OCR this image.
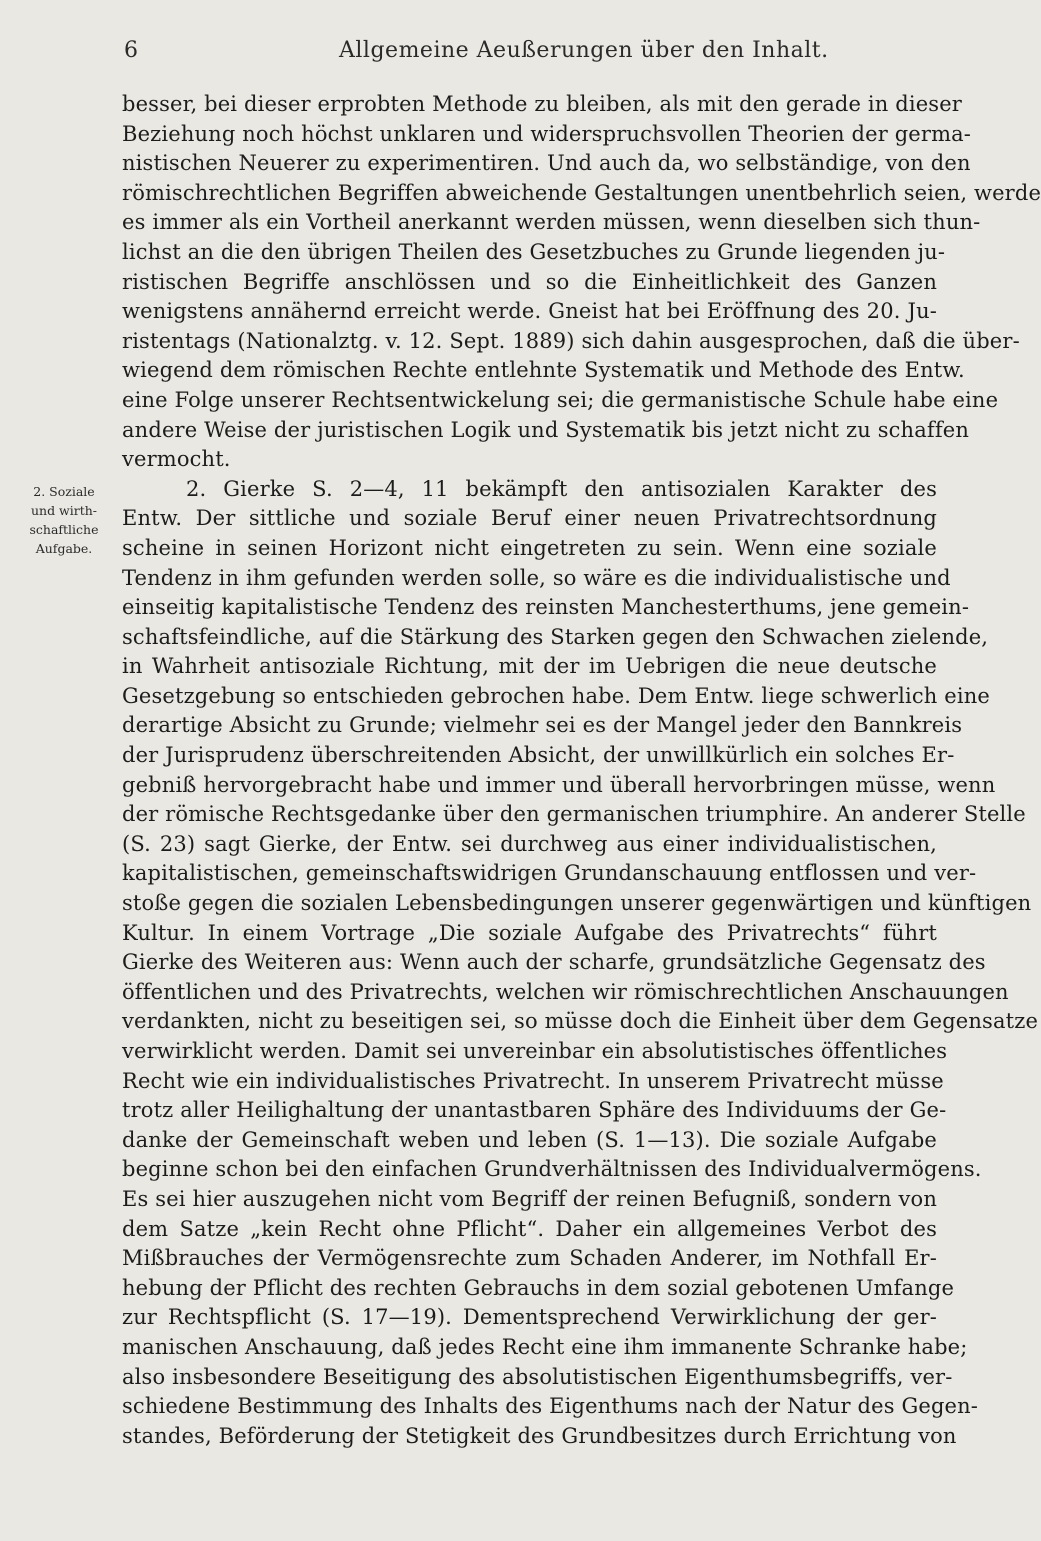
6	Allgemeine Aeußerungen über den Inhalt.
2. Soziale
und wirth-
schaftliche
Aufgabe.
besser, bei dieser erprobten Methode zu bleiben, als mit den gerade in dieser
Beziehung noch höchst unklaren und widerspruchsvollen Theorien der germa-
nistischen Neuerer zu experimentiren. Und auch da, wo selbständige, von den
römischrechtlichen Begriffen abweichende Gestaltungen unentbehrlich seien, werde
es immer als ein Vortheil anerkannt werden müssen, wenn dieselben sich thun-
lichst an die den übrigen Theilen des Gesetzbuches zu Grunde liegenden ju-
ristischen Begriffe anschlössen und so die Einheitlichkeit des Ganzen
wenigstens annähernd erreicht werde. Gneist hat bei Eröffnung des 20. Ju-
ristentags (Nationalztg. v. 12. Sept. 1889) sich dahin ausgesprochen, daß die über-
wiegend dem römischen Rechte entlehnte Systematik und Methode des Entw.
eine Folge unserer Rechtsentwickelung sei; die germanistische Schule habe eine
andere Weise der juristischen Logik und Systematik bis jetzt nicht zu schaffen
vermocht.
2. Gierke S. 2—4, 11 bekämpft den antisozialen Karakter des
Entw. Der sittliche und soziale Beruf einer neuen Privatrechtsordnung
scheine in seinen Horizont nicht eingetreten zu sein. Wenn eine soziale
Tendenz in ihm gefunden werden solle, so wäre es die individualistische und
einseitig kapitalistische Tendenz des reinsten Manchesterthums, jene gemein-
schaftsfeindliche, auf die Stärkung des Starken gegen den Schwachen zielende,
in Wahrheit antisoziale Richtung, mit der im Uebrigen die neue deutsche
Gesetzgebung so entschieden gebrochen habe. Dem Entw. liege schwerlich eine
derartige Absicht zu Grunde; vielmehr sei es der Mangel jeder den Bannkreis
der Jurisprudenz überschreitenden Absicht, der unwillkürlich ein solches Er-
gebniß hervorgebracht habe und immer und überall hervorbringen müsse, wenn
der römische Rechtsgedanke über den germanischen triumphire. An anderer Stelle
(S. 23) sagt Gierke, der Entw. sei durchweg aus einer individualistischen,
kapitalistischen, gemeinschaftswidrigen Grundanschauung entflossen und ver-
stoße gegen die sozialen Lebensbedingungen unserer gegenwärtigen und künftigen
Kultur. In einem Vortrage „Die soziale Aufgabe des Privatrechts“ führt
Gierke des Weiteren aus: Wenn auch der scharfe, grundsätzliche Gegensatz des
öffentlichen und des Privatrechts, welchen wir römischrechtlichen Anschauungen
verdankten, nicht zu beseitigen sei, so müsse doch die Einheit über dem Gegensatze
verwirklicht werden. Damit sei unvereinbar ein absolutistisches öffentliches
Recht wie ein individualistisches Privatrecht. In unserem Privatrecht müsse
trotz aller Heilighaltung der unantastbaren Sphäre des Individuums der Ge-
danke der Gemeinschaft weben und leben (S. 1—13). Die soziale Aufgabe
beginne schon bei den einfachen Grundverhältnissen des Individualvermögens.
Es sei hier auszugehen nicht vom Begriff der reinen Befugniß, sondern von
dem Satze „kein Recht ohne Pflicht“. Daher ein allgemeines Verbot des
Mißbrauches der Vermögensrechte zum Schaden Anderer, im Nothfall Er-
hebung der Pflicht des rechten Gebrauchs in dem sozial gebotenen Umfange
zur Rechtspflicht (S. 17—19). Dementsprechend Verwirklichung der ger-
manischen Anschauung, daß jedes Recht eine ihm immanente Schranke habe;
also insbesondere Beseitigung des absolutistischen Eigenthumsbegriffs, ver-
schiedene Bestimmung des Inhalts des Eigenthums nach der Natur des Gegen-
standes, Beförderung der Stetigkeit des Grundbesitzes durch Errichtung von
